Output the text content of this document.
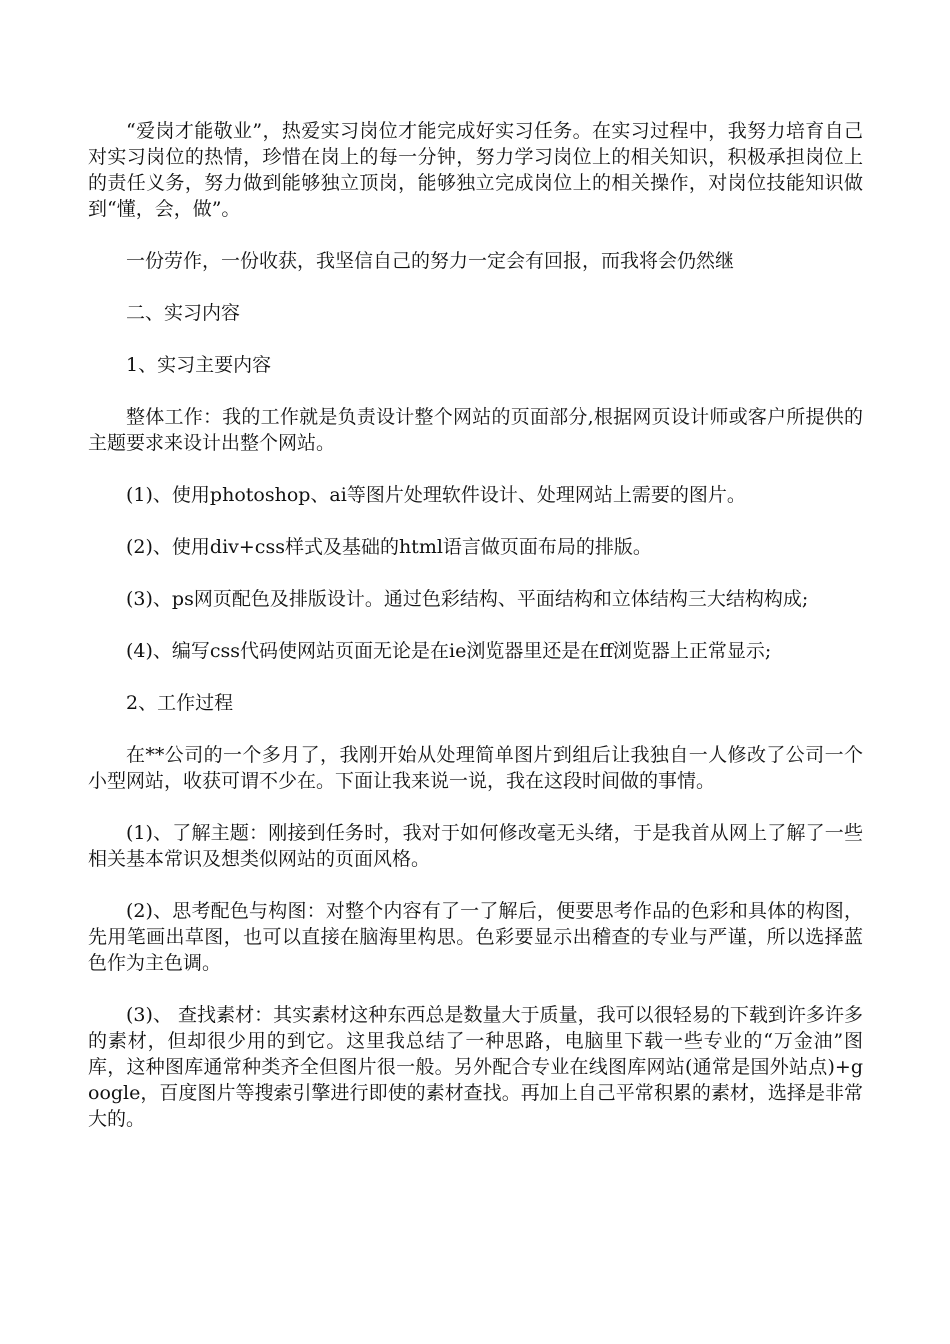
“爱岗才能敬业”，热爱实习岗位才能完成好实习任务。在实习过程中，我努力培育自己对实习岗位的热情，珍惜在岗上的每一分钟，努力学习岗位上的相关知识，积极承担岗位上的责任义务，努力做到能够独立顶岗，能够独立完成岗位上的相关操作，对岗位技能知识做到“懂，会，做”。

一份劳作，一份收获，我坚信自己的努力一定会有回报，而我将会仍然继

二、实习内容

1、实习主要内容

整体工作：我的工作就是负责设计整个网站的页面部分,根据网页设计师或客户所提供的主题要求来设计出整个网站。

(1)、使用photoshop、ai等图片处理软件设计、处理网站上需要的图片。

(2)、使用div+css样式及基础的html语言做页面布局的排版。

(3)、ps网页配色及排版设计。通过色彩结构、平面结构和立体结构三大结构构成;

(4)、编写css代码使网站页面无论是在ie浏览器里还是在ff浏览器上正常显示;

2、工作过程

在**公司的一个多月了，我刚开始从处理简单图片到组后让我独自一人修改了公司一个小型网站，收获可谓不少在。下面让我来说一说，我在这段时间做的事情。

(1)、了解主题：刚接到任务时，我对于如何修改毫无头绪，于是我首从网上了解了一些相关基本常识及想类似网站的页面风格。

(2)、思考配色与构图：对整个内容有了一了解后，便要思考作品的色彩和具体的构图，先用笔画出草图，也可以直接在脑海里构思。色彩要显示出稽查的专业与严谨，所以选择蓝色作为主色调。

(3)、 查找素材：其实素材这种东西总是数量大于质量，我可以很轻易的下载到许多许多的素材，但却很少用的到它。这里我总结了一种思路，电脑里下载一些专业的“万金油”图库，这种图库通常种类齐全但图片很一般。另外配合专业在线图库网站(通常是国外站点)+google，百度图片等搜索引擎进行即使的素材查找。再加上自己平常积累的素材，选择是非常大的。
